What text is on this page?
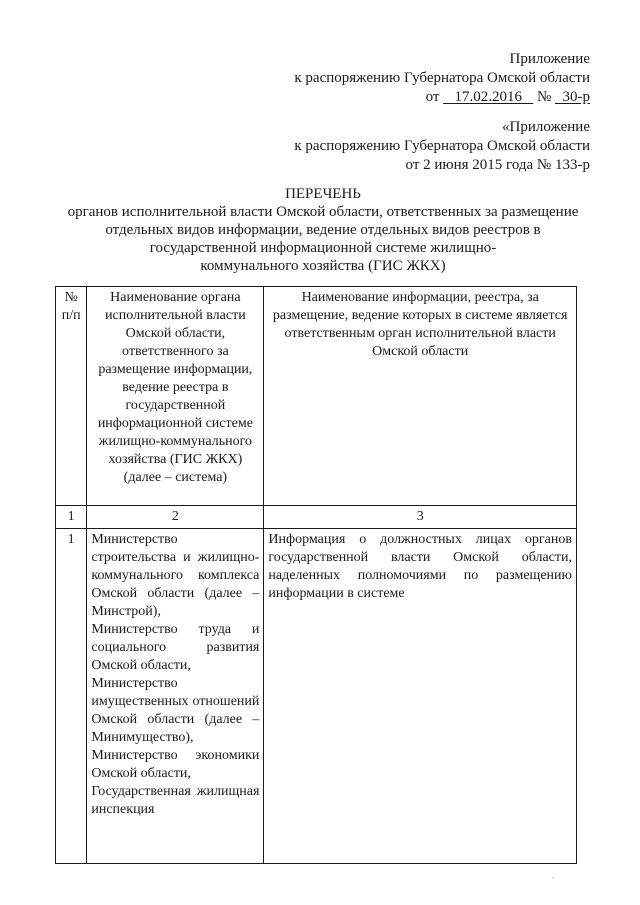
Приложение
к распоряжению Губернатора Омской области
от 17.02.2016 № 30-р
«Приложение
к распоряжению Губернатора Омской области
от 2 июня 2015 года № 133-р
ПЕРЕЧЕНЬ
органов исполнительной власти Омской области, ответственных за размещение
отдельных видов информации, ведение отдельных видов реестров в
государственной информационной системе жилищно-
коммунального хозяйства (ГИС ЖКХ)
№ п/п	Наименование органа исполнительной власти Омской области, ответственного за размещение информации, ведение реестра в государственной информационной системе жилищно-коммунального хозяйства (ГИС ЖКХ) (далее – система)	Наименование информации, реестра, за размещение, ведение которых в системе является ответственным орган исполнительной власти Омской области
1	2	3
1	Министерство строительства и жилищно-коммунального комплекса Омской области (далее – Минстрой),
Министерство труда и социального развития Омской области,
Министерство имущественных отношений Омской области (далее – Минимущество),
Министерство экономики Омской области,
Государственная жилищная инспекция	Информация о должностных лицах органов государственной власти Омской области, наделенных полномочиями по размещению информации в системе
·
